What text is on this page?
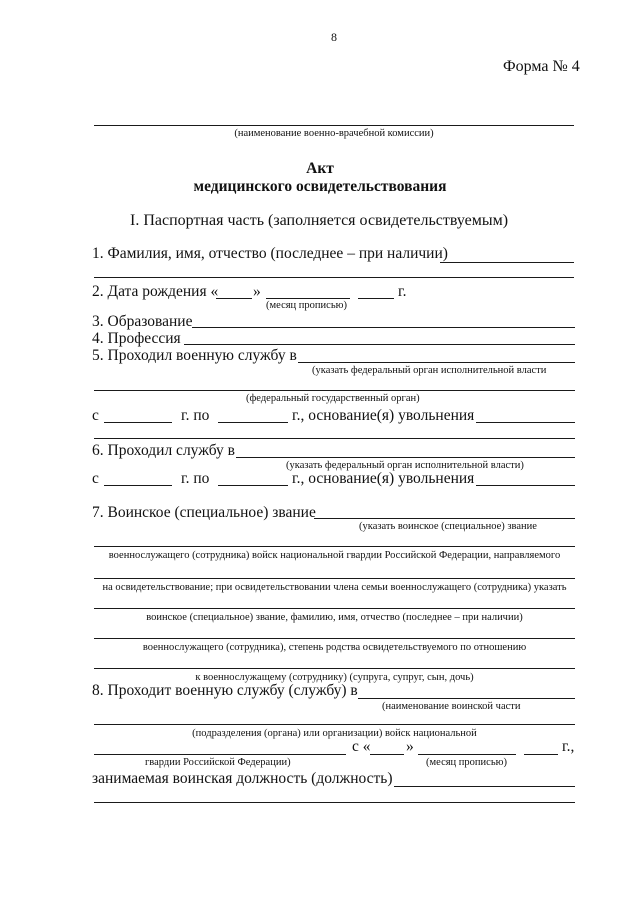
8
Форма № 4
(наименование военно-врачебной комиссии)
Акт
медицинского освидетельствования
I. Паспортная часть (заполняется освидетельствуемым)
1. Фамилия, имя, отчество (последнее – при наличии)
2. Дата рождения « »	г.
(месяц прописью)
3. Образование
4. Профессия
5. Проходил военную службу в
(указать федеральный орган исполнительной власти
(федеральный государственный орган)
с	г. по	г., основание(я) увольнения
6. Проходил службу в
(указать федеральный орган исполнительной власти)
с	г. по	г., основание(я) увольнения
7. Воинское (специальное) звание
(указать воинское (специальное) звание
военнослужащего (сотрудника) войск национальной гвардии Российской Федерации, направляемого
на освидетельствование; при освидетельствовании члена семьи военнослужащего (сотрудника) указать
воинское (специальное) звание, фамилию, имя, отчество (последнее – при наличии)
военнослужащего (сотрудника), степень родства освидетельствуемого по отношению
к военнослужащему (сотруднику) (супруга, супруг, сын, дочь)
8. Проходит военную службу (службу) в
(наименование воинской части
(подразделения (органа) или организации) войск национальной
с « »	г.,
гвардии Российской Федерации)	(месяц прописью)
занимаемая воинская должность (должность)
